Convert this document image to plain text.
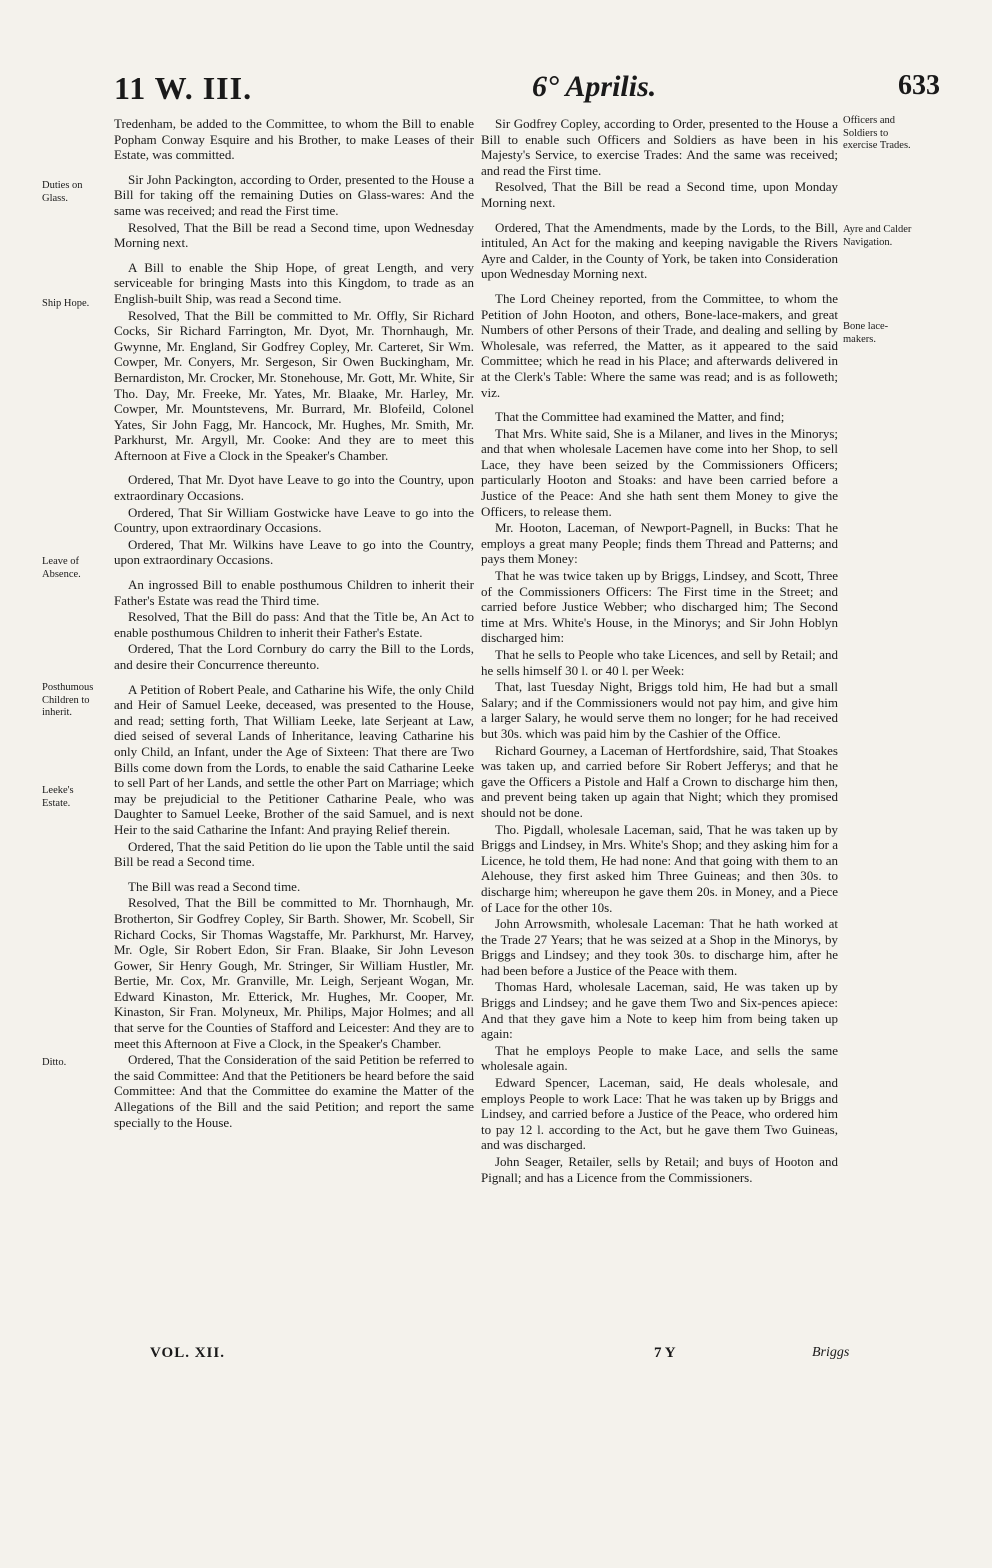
11 W. III.	6° Aprilis.	633
Duties on Glass.
Ship Hope.
Leave of Absence.
Posthumous Children to inherit.
Leeke's Estate.
Ditto.
Officers and Soldiers to exercise Trades.
Ayre and Calder Navigation.
Bone lace-makers.

Tredenham, be added to the Committee, to whom the Bill to enable Popham Conway Esquire and his Brother, to make Leases of their Estate, was committed.

Sir John Packington, according to Order, presented to the House a Bill for taking off the remaining Duties on Glass-wares: And the same was received; and read the First time.

Resolved, That the Bill be read a Second time, upon Wednesday Morning next.

A Bill to enable the Ship Hope, of great Length, and very serviceable for bringing Masts into this Kingdom, to trade as an English-built Ship, was read a Second time.

Resolved, That the Bill be committed to Mr. Offly, Sir Richard Cocks, Sir Richard Farrington, Mr. Dyot, Mr. Thornhaugh, Mr. Gwynne, Mr. England, Sir Godfrey Copley, Mr. Carteret, Sir Wm. Cowper, Mr. Conyers, Mr. Sergeson, Sir Owen Buckingham, Mr. Bernardiston, Mr. Crocker, Mr. Stonehouse, Mr. Gott, Mr. White, Sir Tho. Day, Mr. Freeke, Mr. Yates, Mr. Blaake, Mr. Harley, Mr. Cowper, Mr. Mountstevens, Mr. Burrard, Mr. Blofeild, Colonel Yates, Sir John Fagg, Mr. Hancock, Mr. Hughes, Mr. Smith, Mr. Parkhurst, Mr. Argyll, Mr. Cooke: And they are to meet this Afternoon at Five a Clock in the Speaker's Chamber.

Ordered, That Mr. Dyot have Leave to go into the Country, upon extraordinary Occasions.

Ordered, That Sir William Gostwicke have Leave to go into the Country, upon extraordinary Occasions.

Ordered, That Mr. Wilkins have Leave to go into the Country, upon extraordinary Occasions.

An ingrossed Bill to enable posthumous Children to inherit their Father's Estate was read the Third time.

Resolved, That the Bill do pass: And that the Title be, An Act to enable posthumous Children to inherit their Father's Estate.

Ordered, That the Lord Cornbury do carry the Bill to the Lords, and desire their Concurrence thereunto.

A Petition of Robert Peale, and Catharine his Wife, the only Child and Heir of Samuel Leeke, deceased, was presented to the House, and read; setting forth, That William Leeke, late Serjeant at Law, died seised of several Lands of Inheritance, leaving Catharine his only Child, an Infant, under the Age of Sixteen: That there are Two Bills come down from the Lords, to enable the said Catharine Leeke to sell Part of her Lands, and settle the other Part on Marriage; which may be prejudicial to the Petitioner Catharine Peale, who was Daughter to Samuel Leeke, Brother of the said Samuel, and is next Heir to the said Catharine the Infant: And praying Relief therein.

Ordered, That the said Petition do lie upon the Table until the said Bill be read a Second time.

The Bill was read a Second time.

Resolved, That the Bill be committed to Mr. Thornhaugh, Mr. Brotherton, Sir Godfrey Copley, Sir Barth. Shower, Mr. Scobell, Sir Richard Cocks, Sir Thomas Wagstaffe, Mr. Parkhurst, Mr. Harvey, Mr. Ogle, Sir Robert Edon, Sir Fran. Blaake, Sir John Leveson Gower, Sir Henry Gough, Mr. Stringer, Sir William Hustler, Mr. Bertie, Mr. Cox, Mr. Granville, Mr. Leigh, Serjeant Wogan, Mr. Edward Kinaston, Mr. Etterick, Mr. Hughes, Mr. Cooper, Mr. Kinaston, Sir Fran. Molyneux, Mr. Philips, Major Holmes; and all that serve for the Counties of Stafford and Leicester: And they are to meet this Afternoon at Five a Clock, in the Speaker's Chamber.

Ordered, That the Consideration of the said Petition be referred to the said Committee: And that the Petitioners be heard before the said Committee: And that the Committee do examine the Matter of the Allegations of the Bill and the said Petition; and report the same specially to the House.

Sir Godfrey Copley, according to Order, presented to the House a Bill to enable such Officers and Soldiers as have been in his Majesty's Service, to exercise Trades: And the same was received; and read the First time.

Resolved, That the Bill be read a Second time, upon Monday Morning next.

Ordered, That the Amendments, made by the Lords, to the Bill, intituled, An Act for the making and keeping navigable the Rivers Ayre and Calder, in the County of York, be taken into Consideration upon Wednesday Morning next.

The Lord Cheiney reported, from the Committee, to whom the Petition of John Hooton, and others, Bone-lace-makers, and great Numbers of other Persons of their Trade, and dealing and selling by Wholesale, was referred, the Matter, as it appeared to the said Committee; which he read in his Place; and afterwards delivered in at the Clerk's Table: Where the same was read; and is as followeth; viz.

That the Committee had examined the Matter, and find;

That Mrs. White said, She is a Milaner, and lives in the Minorys; and that when wholesale Lacemen have come into her Shop, to sell Lace, they have been seized by the Commissioners Officers; particularly Hooton and Stoaks: and have been carried before a Justice of the Peace: And she hath sent them Money to give the Officers, to release them.

Mr. Hooton, Laceman, of Newport-Pagnell, in Bucks: That he employs a great many People; finds them Thread and Patterns; and pays them Money:

That he was twice taken up by Briggs, Lindsey, and Scott, Three of the Commissioners Officers: The First time in the Street; and carried before Justice Webber; who discharged him; The Second time at Mrs. White's House, in the Minorys; and Sir John Hoblyn discharged him:

That he sells to People who take Licences, and sell by Retail; and he sells himself 30 l. or 40 l. per Week:

That, last Tuesday Night, Briggs told him, He had but a small Salary; and if the Commissioners would not pay him, and give him a larger Salary, he would serve them no longer; for he had received but 30s. which was paid him by the Cashier of the Office.

Richard Gourney, a Laceman of Hertfordshire, said, That Stoakes was taken up, and carried before Sir Robert Jefferys; and that he gave the Officers a Pistole and Half a Crown to discharge him then, and prevent being taken up again that Night; which they promised should not be done.

Tho. Pigdall, wholesale Laceman, said, That he was taken up by Briggs and Lindsey, in Mrs. White's Shop; and they asking him for a Licence, he told them, He had none: And that going with them to an Alehouse, they first asked him Three Guineas; and then 30s. to discharge him; whereupon he gave them 20s. in Money, and a Piece of Lace for the other 10s.

John Arrowsmith, wholesale Laceman: That he hath worked at the Trade 27 Years; that he was seized at a Shop in the Minorys, by Briggs and Lindsey; and they took 30s. to discharge him, after he had been before a Justice of the Peace with them.

Thomas Hard, wholesale Laceman, said, He was taken up by Briggs and Lindsey; and he gave them Two and Six-pences apiece: And that they gave him a Note to keep him from being taken up again:

That he employs People to make Lace, and sells the same wholesale again.

Edward Spencer, Laceman, said, He deals wholesale, and employs People to work Lace: That he was taken up by Briggs and Lindsey, and carried before a Justice of the Peace, who ordered him to pay 12 l. according to the Act, but he gave them Two Guineas, and was discharged.

John Seager, Retailer, sells by Retail; and buys of Hooton and Pignall; and has a Licence from the Commissioners.

VOL. XII.	7 Y	Briggs
